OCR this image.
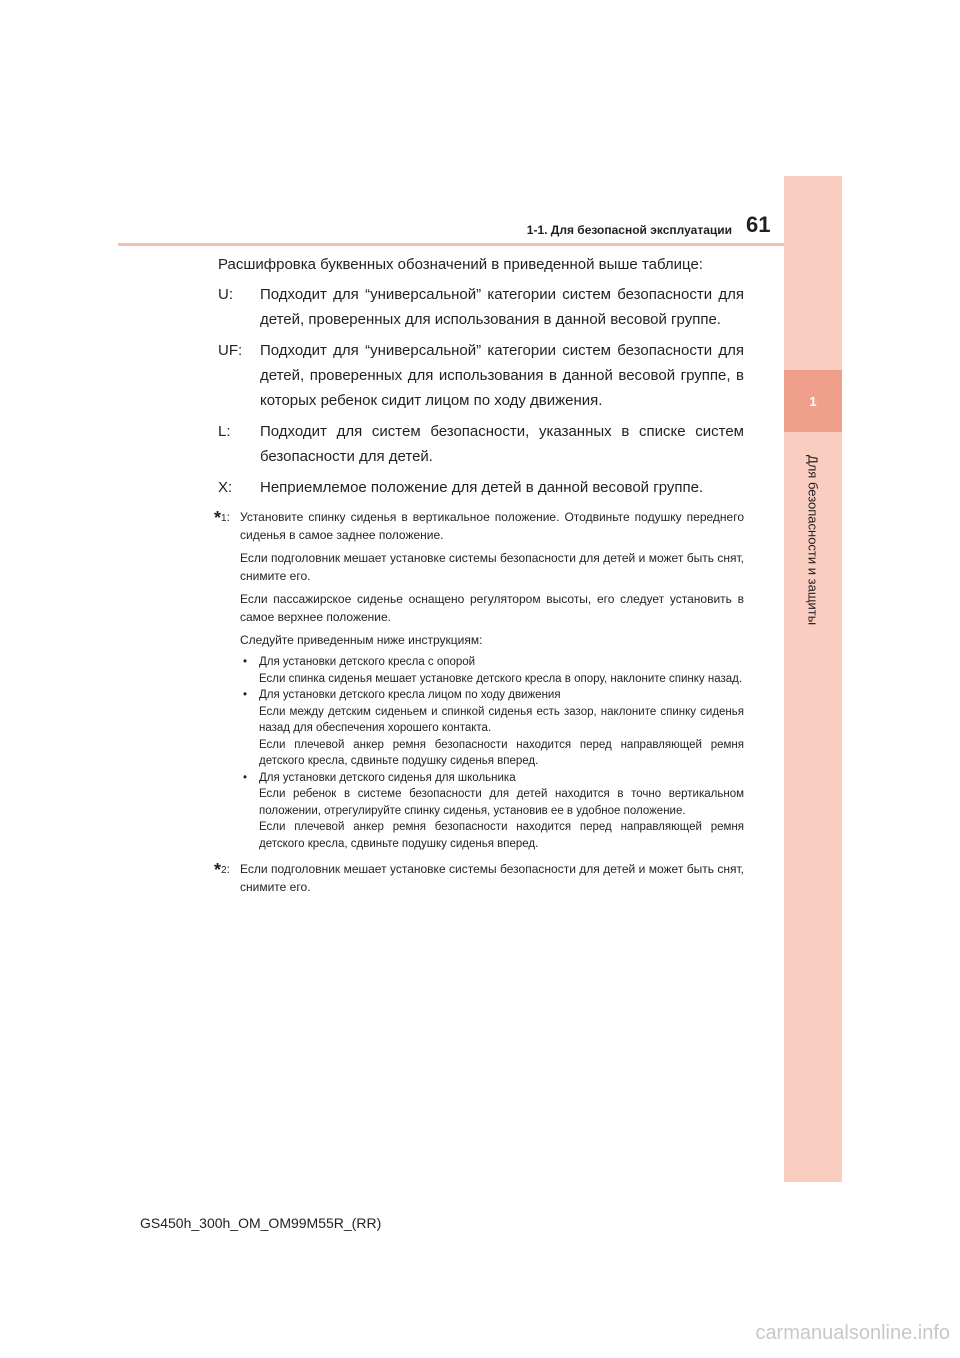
1
Для безопасности и защиты
1-1. Для безопасной эксплуатации 61

Расшифровка буквенных обозначений в приведенной выше таблице:

U:	Подходит для “универсальной” категории систем безопасности для детей, проверенных для использования в данной весовой группе.
UF:	Подходит для “универсальной” категории систем безопасности для детей, проверенных для использования в данной весовой группе, в которых ребенок сидит лицом по ходу движения.
L:	Подходит для систем безопасности, указанных в списке систем безопасности для детей.
X:	Неприемлемое положение для детей в данной весовой группе.
*1: Установите спинку сиденья в вертикальное положение. Отодвиньте подушку переднего сиденья в самое заднее положение.

Если подголовник мешает установке системы безопасности для детей и может быть снят, снимите его.

Если пассажирское сиденье оснащено регулятором высоты, его следует установить в самое верхнее положение.

Следуйте приведенным ниже инструкциям:

•	Для установки детского кресла с опорой
Если спинка сиденья мешает установке детского кресла в опору, наклоните спинку назад.
•	Для установки детского кресла лицом по ходу движения
Если между детским сиденьем и спинкой сиденья есть зазор, наклоните спинку сиденья назад для обеспечения хорошего контакта.
Если плечевой анкер ремня безопасности находится перед направляющей ремня детского кресла, сдвиньте подушку сиденья вперед.
•	Для установки детского сиденья для школьника
Если ребенок в системе безопасности для детей находится в точно вертикальном положении, отрегулируйте спинку сиденья, установив ее в удобное положение.
Если плечевой анкер ремня безопасности находится перед направляющей ремня детского кресла, сдвиньте подушку сиденья вперед.
*2: Если подголовник мешает установке системы безопасности для детей и может быть снят, снимите его.

GS450h_300h_OM_OM99M55R_(RR)
carmanualsonline.info
